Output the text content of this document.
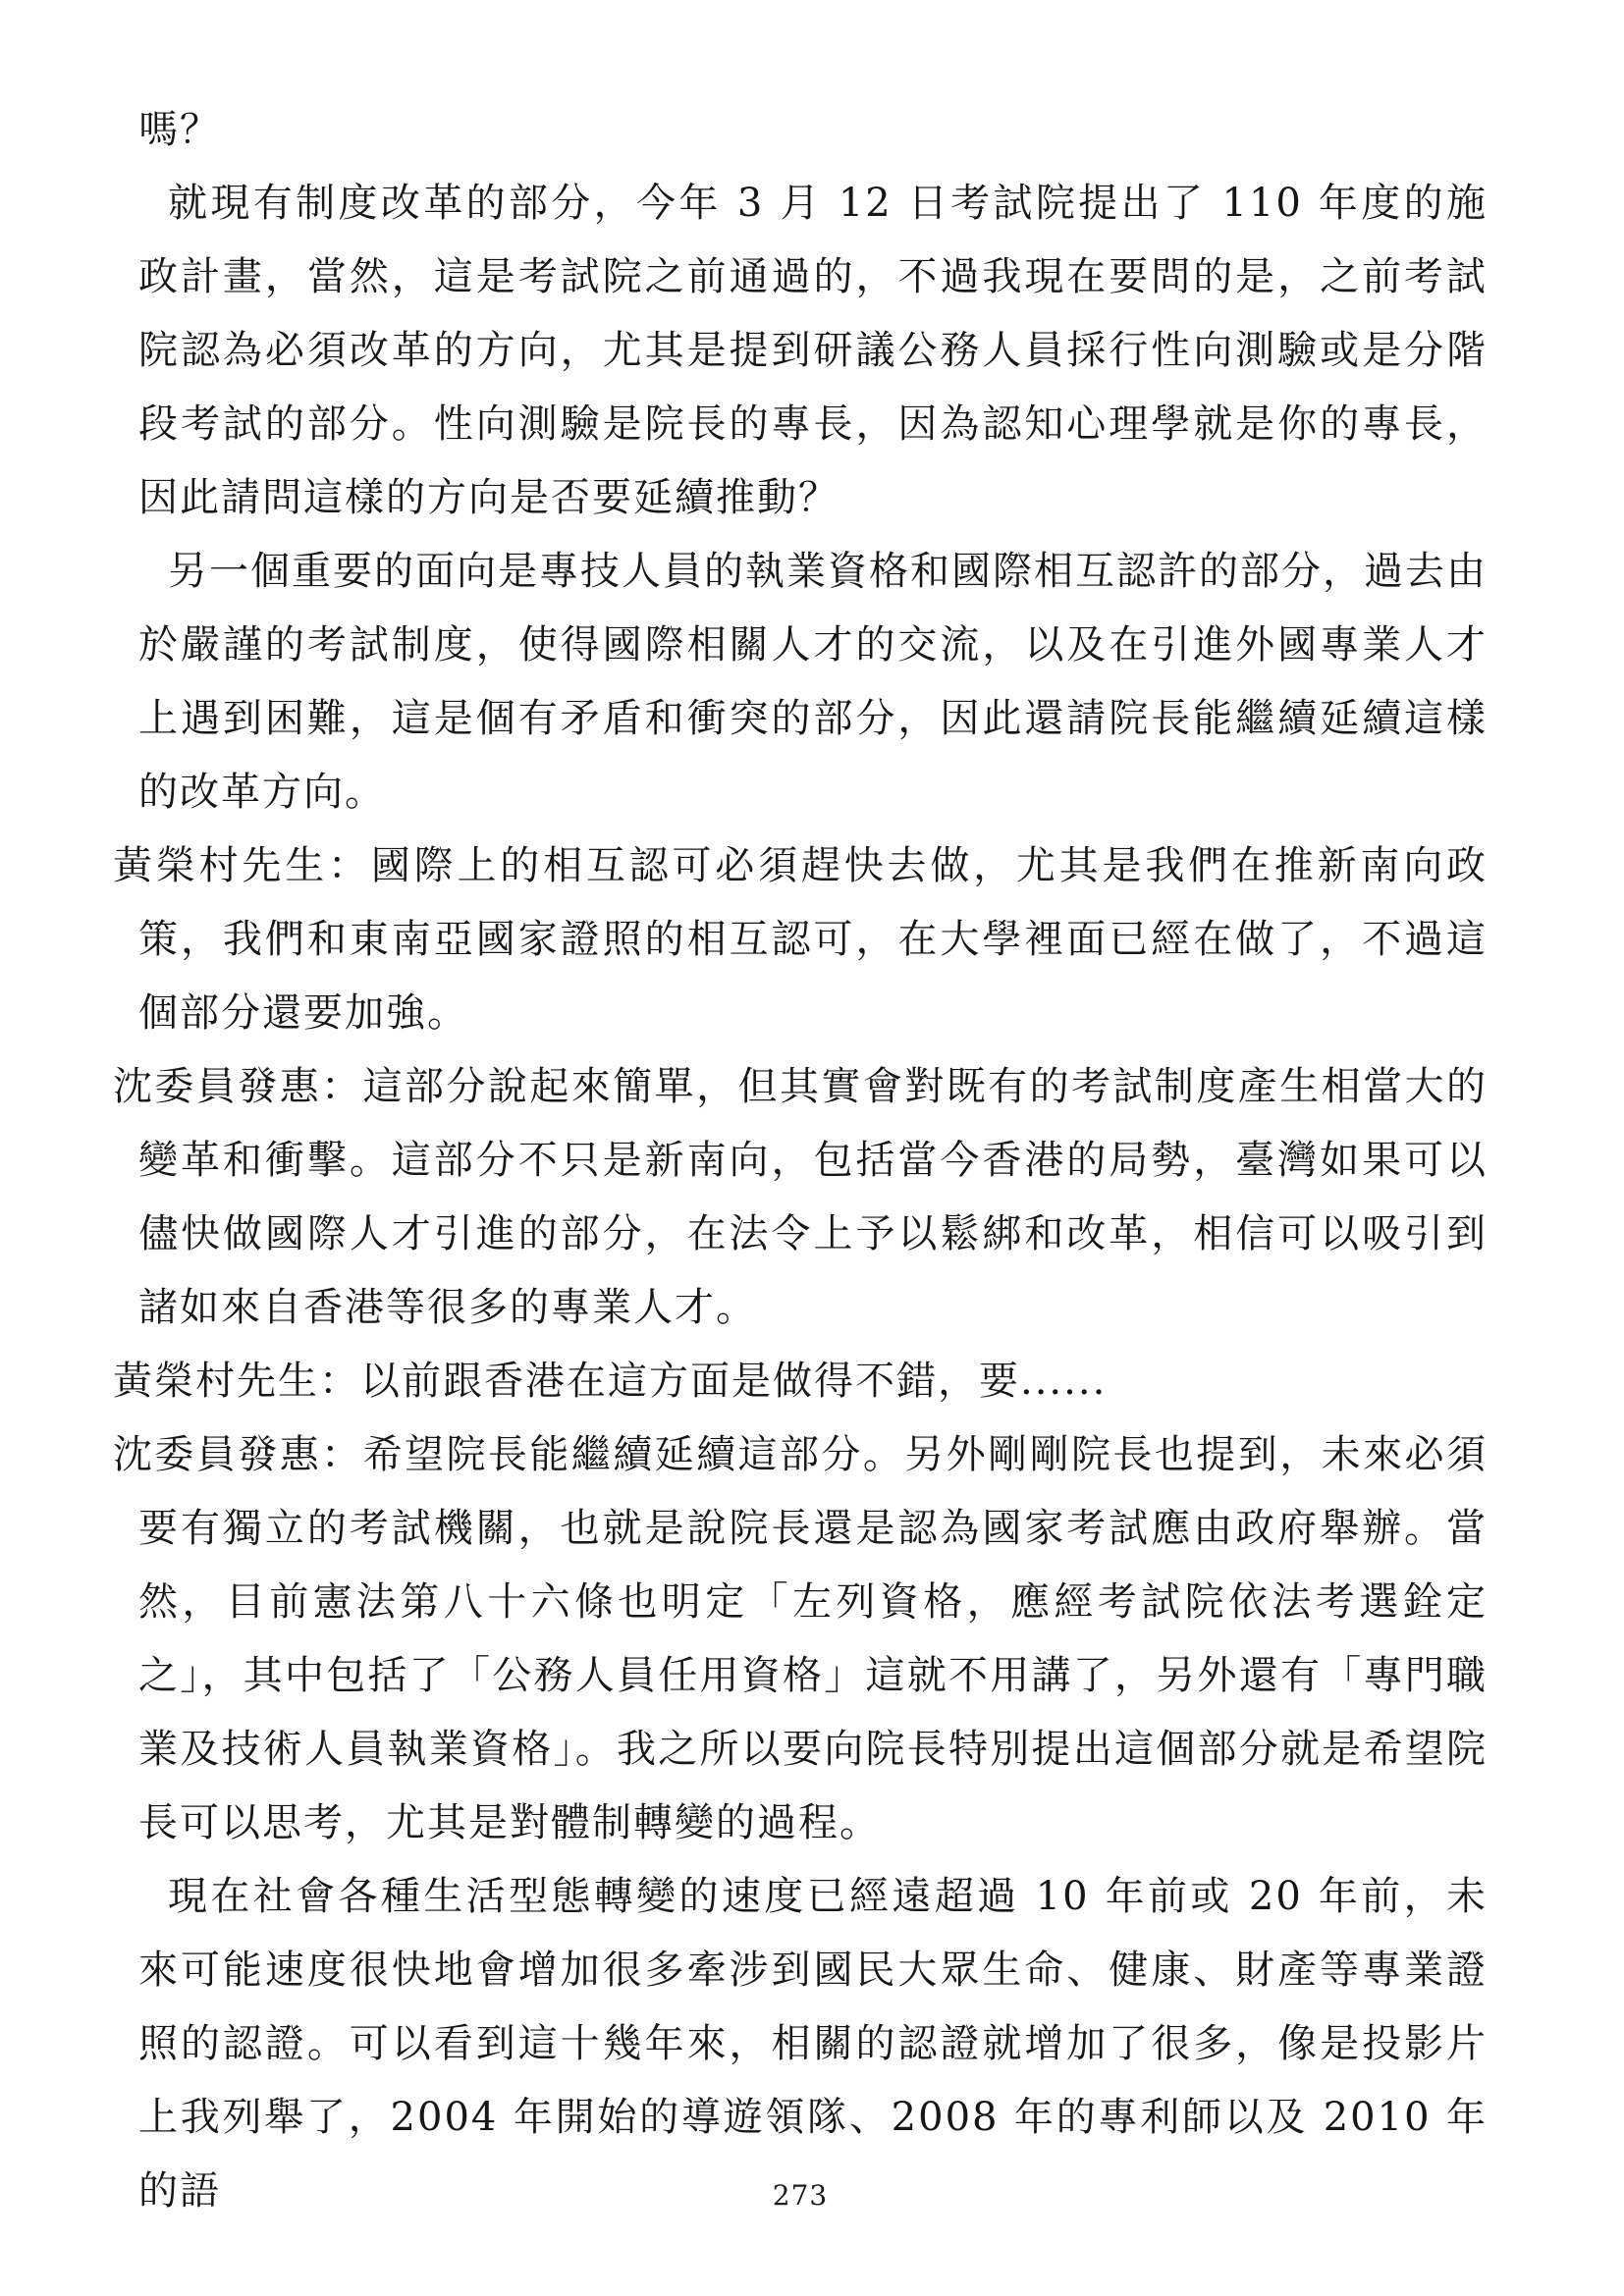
嗎？

就現有制度改革的部分，今年 3 月 12 日考試院提出了 110 年度的施政計畫，當然，這是考試院之前通過的，不過我現在要問的是，之前考試院認為必須改革的方向，尤其是提到研議公務人員採行性向測驗或是分階段考試的部分。性向測驗是院長的專長，因為認知心理學就是你的專長，因此請問這樣的方向是否要延續推動？

另一個重要的面向是專技人員的執業資格和國際相互認許的部分，過去由於嚴謹的考試制度，使得國際相關人才的交流，以及在引進外國專業人才上遇到困難，這是個有矛盾和衝突的部分，因此還請院長能繼續延續這樣的改革方向。

黃榮村先生：國際上的相互認可必須趕快去做，尤其是我們在推新南向政策，我們和東南亞國家證照的相互認可，在大學裡面已經在做了，不過這個部分還要加強。

沈委員發惠：這部分說起來簡單，但其實會對既有的考試制度產生相當大的變革和衝擊。這部分不只是新南向，包括當今香港的局勢，臺灣如果可以儘快做國際人才引進的部分，在法令上予以鬆綁和改革，相信可以吸引到諸如來自香港等很多的專業人才。

黃榮村先生：以前跟香港在這方面是做得不錯，要......

沈委員發惠：希望院長能繼續延續這部分。另外剛剛院長也提到，未來必須要有獨立的考試機關，也就是說院長還是認為國家考試應由政府舉辦。當然，目前憲法第八十六條也明定「左列資格，應經考試院依法考選銓定之」，其中包括了「公務人員任用資格」這就不用講了，另外還有「專門職業及技術人員執業資格」。我之所以要向院長特別提出這個部分就是希望院長可以思考，尤其是對體制轉變的過程。

現在社會各種生活型態轉變的速度已經遠超過 10 年前或 20 年前，未來可能速度很快地會增加很多牽涉到國民大眾生命、健康、財產等專業證照的認證。可以看到這十幾年來，相關的認證就增加了很多，像是投影片上我列舉了，2004 年開始的導遊領隊、2008 年的專利師以及 2010 年的語	273
